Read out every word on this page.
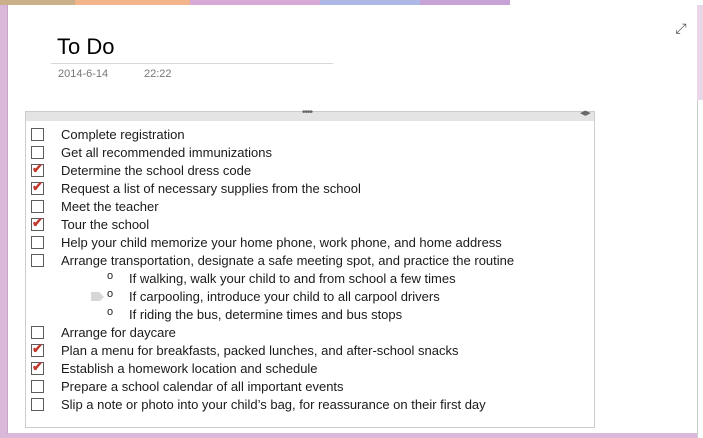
⤢
To Do
2014-6-14	22:22
••••	◀▶
Complete registration
Get all recommended immunizations
✔ Determine the school dress code
✔ Request a list of necessary supplies from the school
Meet the teacher
✔ Tour the school
Help your child memorize your home phone, work phone, and home address
Arrange transportation, designate a safe meeting spot, and practice the routine
o If walking, walk your child to and from school a few times
o If carpooling, introduce your child to all carpool drivers
o If riding the bus, determine times and bus stops
Arrange for daycare
✔ Plan a menu for breakfasts, packed lunches, and after-school snacks
✔ Establish a homework location and schedule
Prepare a school calendar of all important events
Slip a note or photo into your child’s bag, for reassurance on their first day
